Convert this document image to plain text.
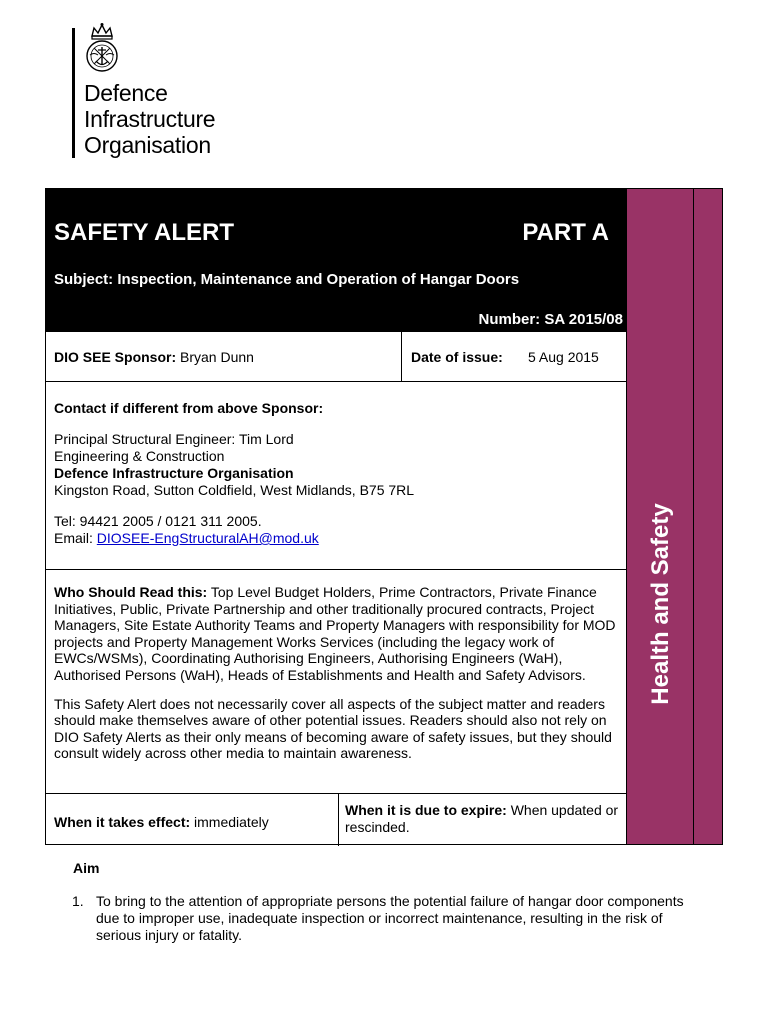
Defence
Infrastructure
Organisation
Health and Safety
SAFETY ALERT	PART A
Subject: Inspection, Maintenance and Operation of Hangar Doors
Number: SA 2015/08
DIO SEE Sponsor: Bryan Dunn	Date of issue: 5 Aug 2015

Contact if different from above Sponsor:

Principal Structural Engineer: Tim Lord

Engineering & Construction

Defence Infrastructure Organisation

Kingston Road, Sutton Coldfield, West Midlands, B75 7RL

Tel: 94421 2005 / 0121 311 2005.

Email: DIOSEE-EngStructuralAH@mod.uk

Who Should Read this: Top Level Budget Holders, Prime Contractors, Private Finance Initiatives, Public, Private Partnership and other traditionally procured contracts, Project Managers, Site Estate Authority Teams and Property Managers with responsibility for MOD projects and Property Management Works Services (including the legacy work of EWCs/WSMs), Coordinating Authorising Engineers, Authorising Engineers (WaH), Authorised Persons (WaH), Heads of Establishments and Health and Safety Advisors.

This Safety Alert does not necessarily cover all aspects of the subject matter and readers should make themselves aware of other potential issues. Readers should also not rely on DIO Safety Alerts as their only means of becoming aware of safety issues, but they should consult widely across other media to maintain awareness.

When it takes effect: immediately
When it is due to expire: When updated or rescinded.
Aim
1. To bring to the attention of appropriate persons the potential failure of hangar door components due to improper use, inadequate inspection or incorrect maintenance, resulting in the risk of serious injury or fatality.
